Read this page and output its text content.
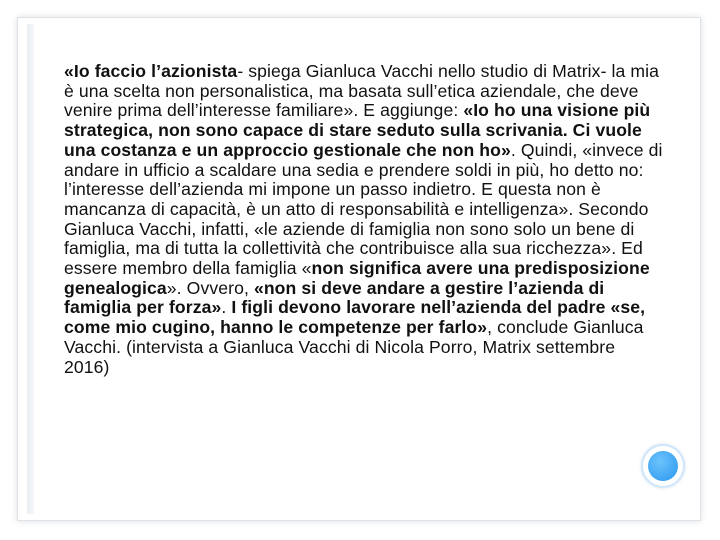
«Io faccio l’azionista- spiega Gianluca Vacchi nello studio di Matrix- la mia è una scelta non personalistica, ma basata sull’etica aziendale, che deve venire prima dell’interesse familiare». E aggiunge: «Io ho una visione più strategica, non sono capace di stare seduto sulla scrivania. Ci vuole una costanza e un approccio gestionale che non ho». Quindi, «invece di andare in ufficio a scaldare una sedia e prendere soldi in più, ho detto no: l’interesse dell’azienda mi impone un passo indietro. E questa non è mancanza di capacità, è un atto di responsabilità e intelligenza». Secondo Gianluca Vacchi, infatti, «le aziende di famiglia non sono solo un bene di famiglia, ma di tutta la collettività che contribuisce alla sua ricchezza». Ed essere membro della famiglia «non significa avere una predisposizione genealogica». Ovvero, «non si deve andare a gestire l’azienda di famiglia per forza». I figli devono lavorare nell’azienda del padre «se, come mio cugino, hanno le competenze per farlo», conclude Gianluca Vacchi. (intervista a Gianluca Vacchi di Nicola Porro, Matrix settembre 2016)
